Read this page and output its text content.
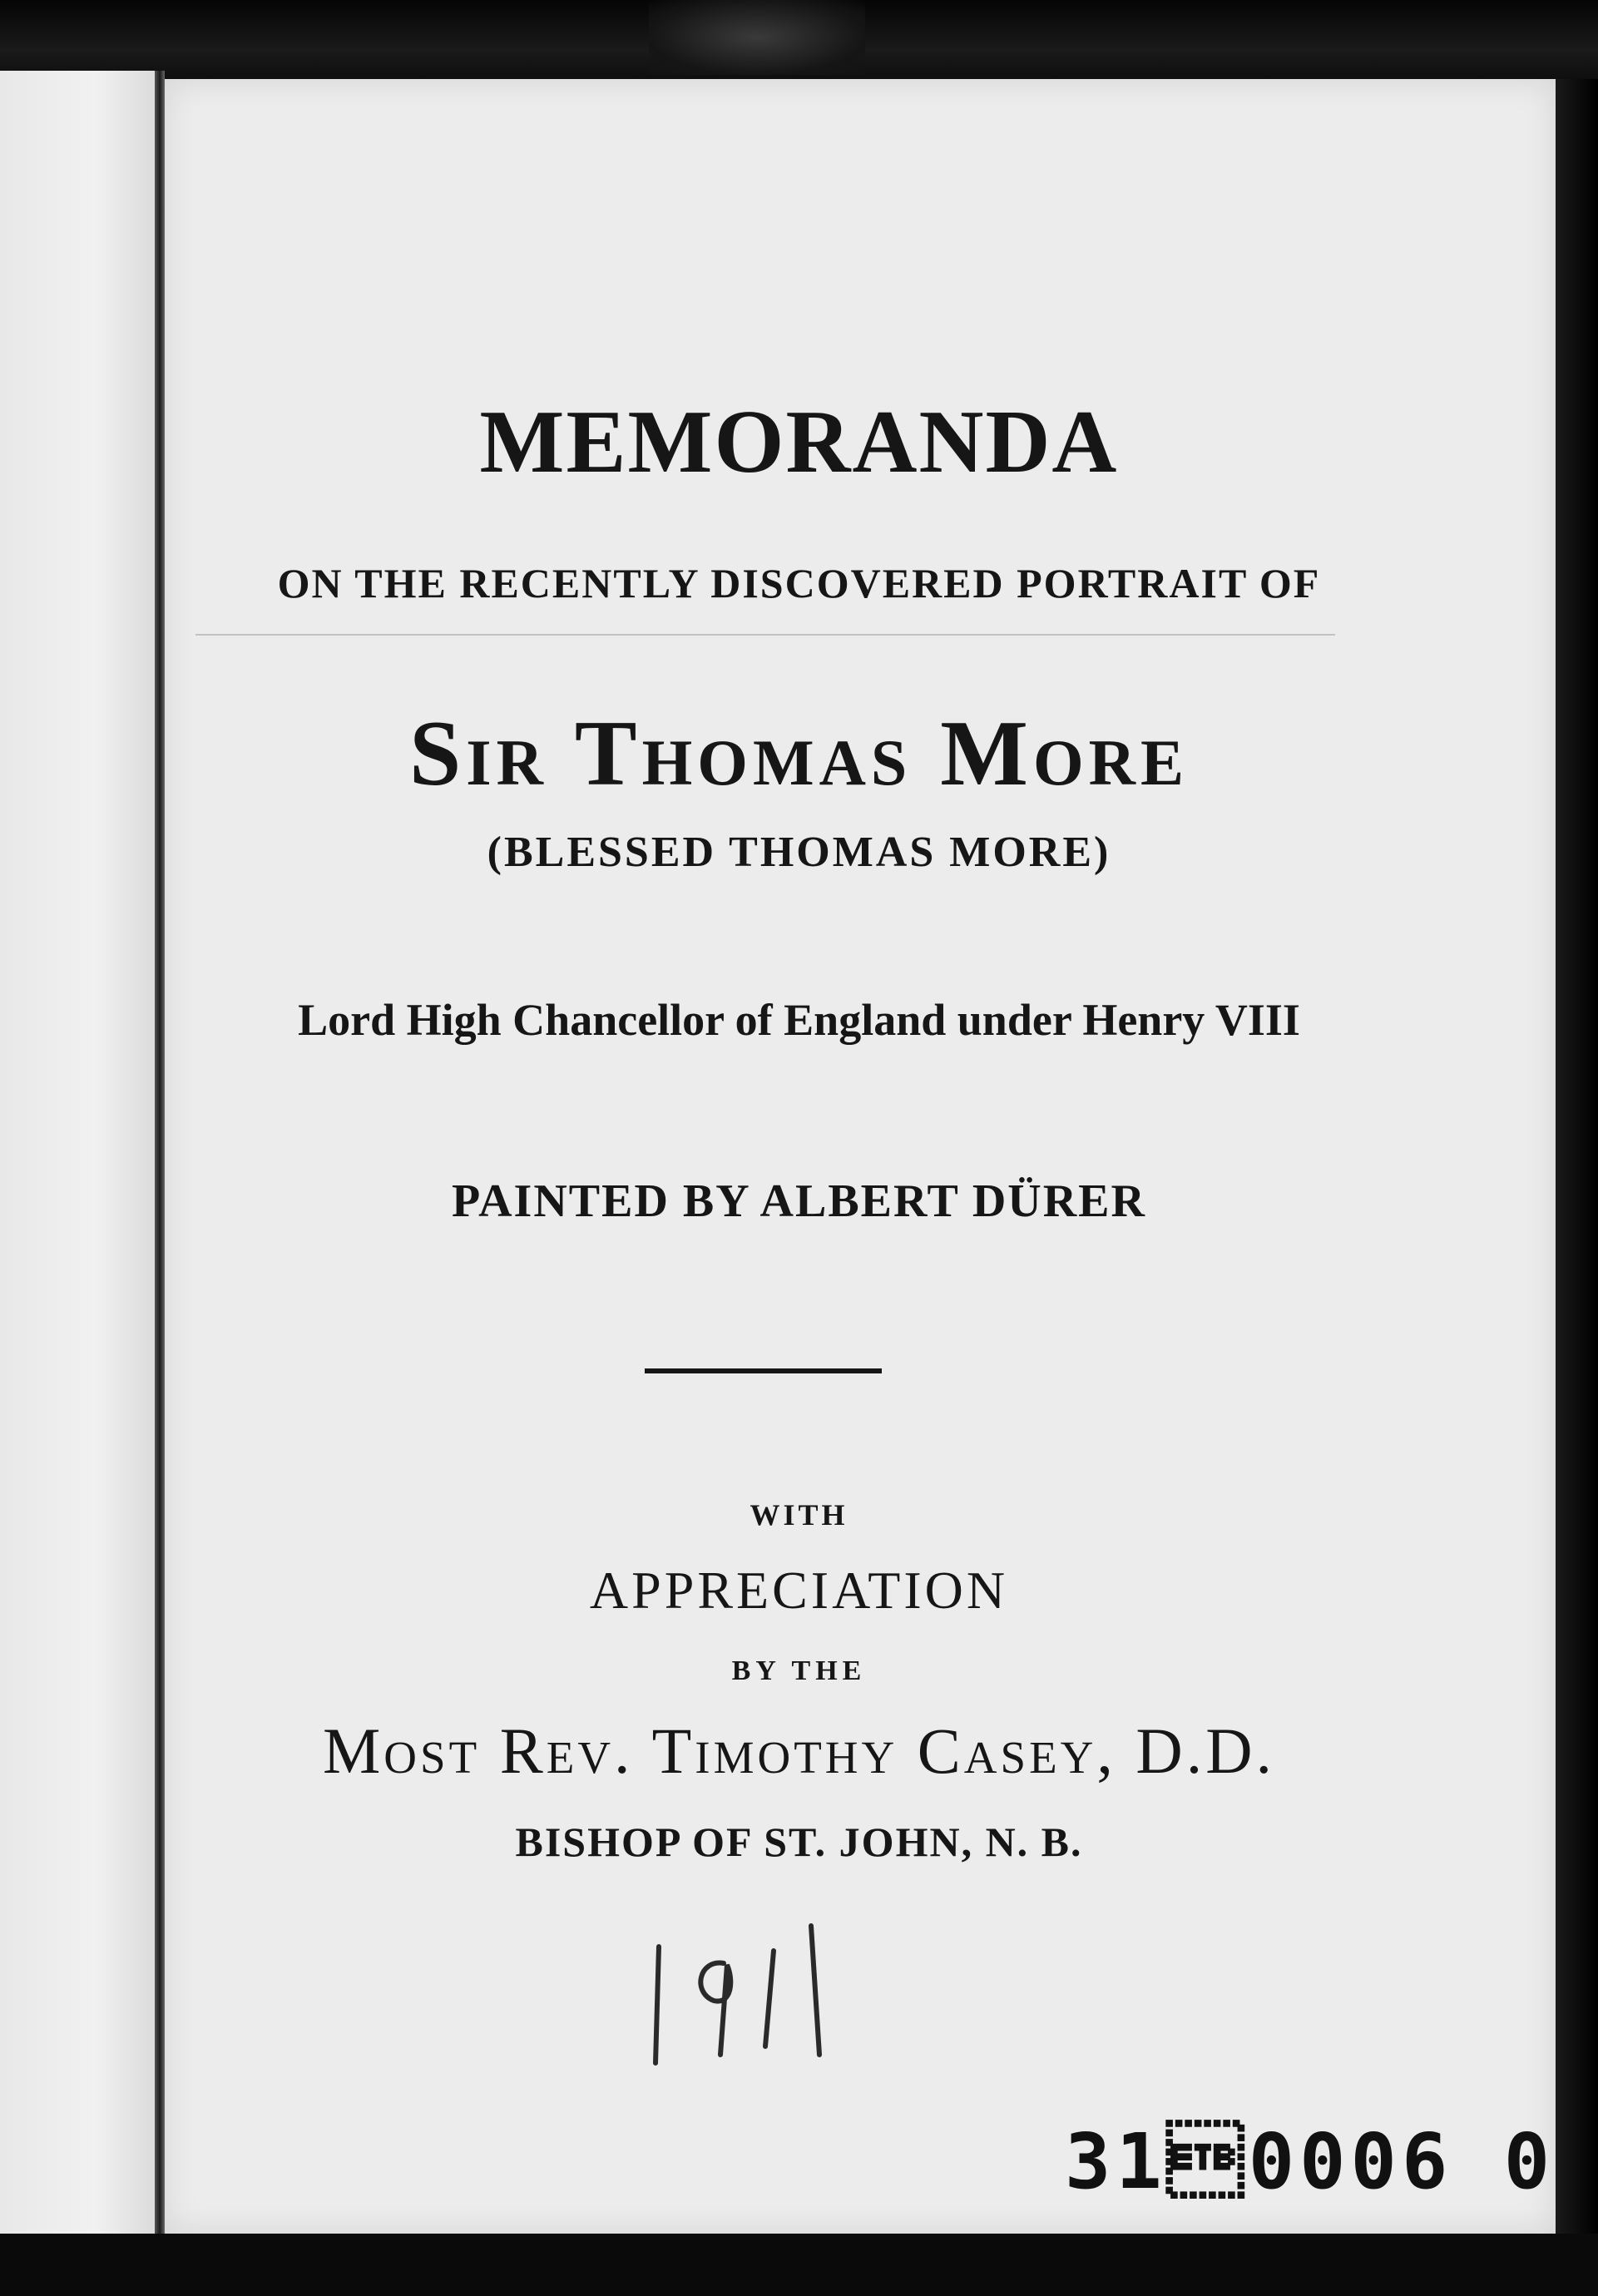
MEMORANDA
ON THE RECENTLY DISCOVERED PORTRAIT OF
Sir Thomas More
(BLESSED THOMAS MORE)
Lord High Chancellor of England under Henry VIII
PAINTED BY ALBERT DÜRER
WITH
APPRECIATION
BY THE
Most Rev. Timothy Casey, D.D.
BISHOP OF ST. JOHN, N. B.
310006 0
